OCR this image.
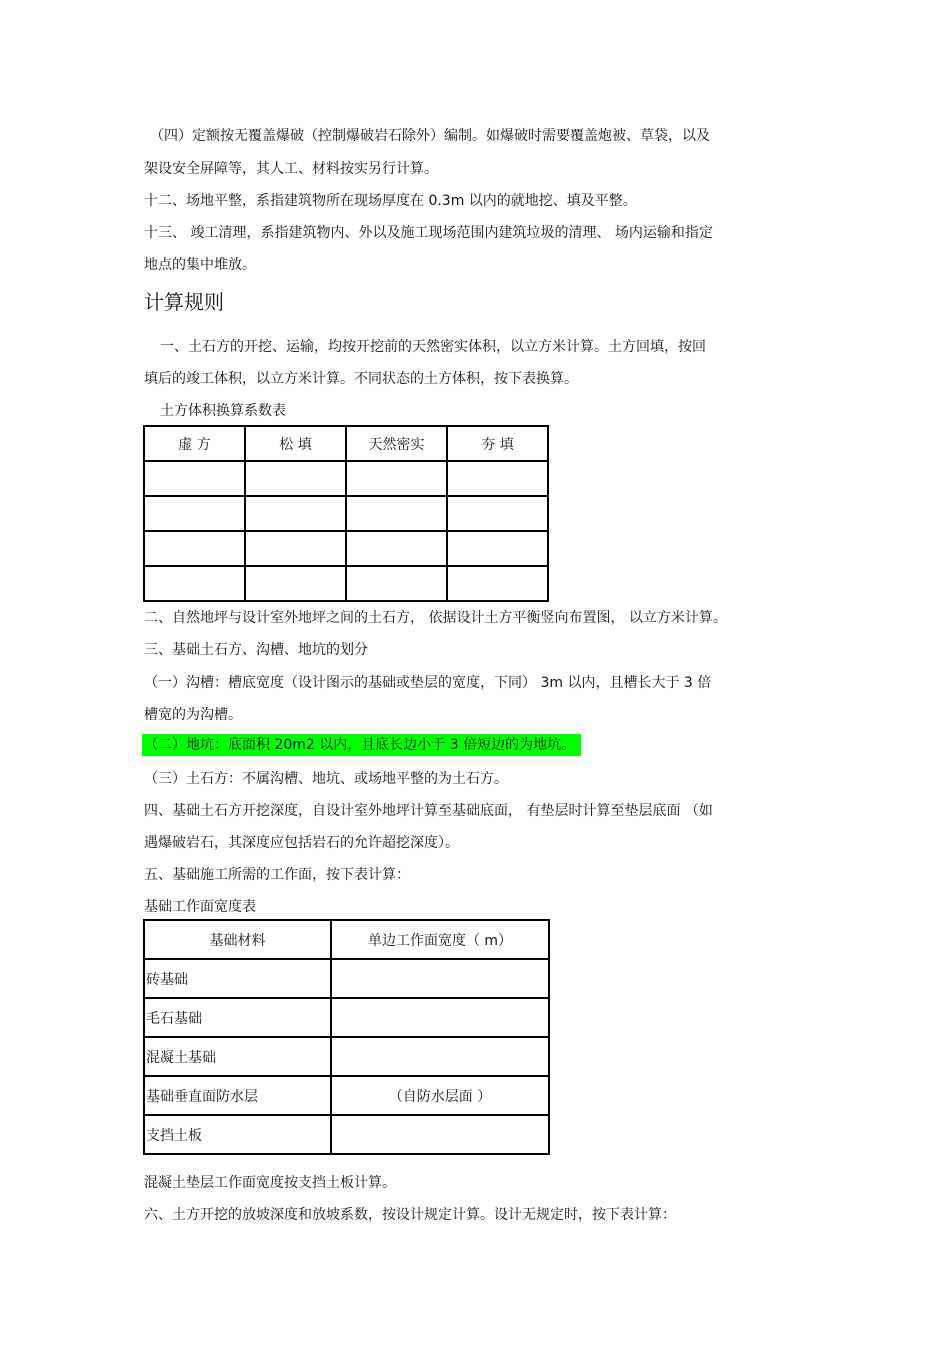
（四）定额按无覆盖爆破（控制爆破岩石除外）编制。如爆破时需要覆盖炮被、草袋，以及
架设安全屏障等，其人工、材料按实另行计算。
十二、场地平整，系指建筑物所在现场厚度在 0.3m 以内的就地挖、填及平整。
十三、 竣工清理，系指建筑物内、外以及施工现场范围内建筑垃圾的清理、 场内运输和指定
地点的集中堆放。
计算规则
一、土石方的开挖、运输，均按开挖前的天然密实体积，以立方米计算。土方回填，按回
填后的竣工体积，以立方米计算。不同状态的土方体积，按下表换算。
土方体积换算系数表
虚 方	松 填	天然密实	夯 填

二、自然地坪与设计室外地坪之间的土石方， 依据设计土方平衡竖向布置图， 以立方米计算。
三、基础土石方、沟槽、地坑的划分
（一）沟槽：槽底宽度（设计图示的基础或垫层的宽度，下同） 3m 以内，且槽长大于 3 倍
槽宽的为沟槽。
（二）地坑：底面积 20m2 以内，且底长边小于 3 倍短边的为地坑。
（三）土石方：不属沟槽、地坑、或场地平整的为土石方。
四、基础土石方开挖深度，自设计室外地坪计算至基础底面， 有垫层时计算至垫层底面 （如
遇爆破岩石，其深度应包括岩石的允许超挖深度）。
五、基础施工所需的工作面，按下表计算：
基础工作面宽度表
基础材料	单边工作面宽度（ m）
砖基础	
毛石基础	
混凝土基础	
基础垂直面防水层	（自防水层面 ）
支挡土板	
混凝土垫层工作面宽度按支挡土板计算。
六、土方开挖的放坡深度和放坡系数，按设计规定计算。设计无规定时，按下表计算：
